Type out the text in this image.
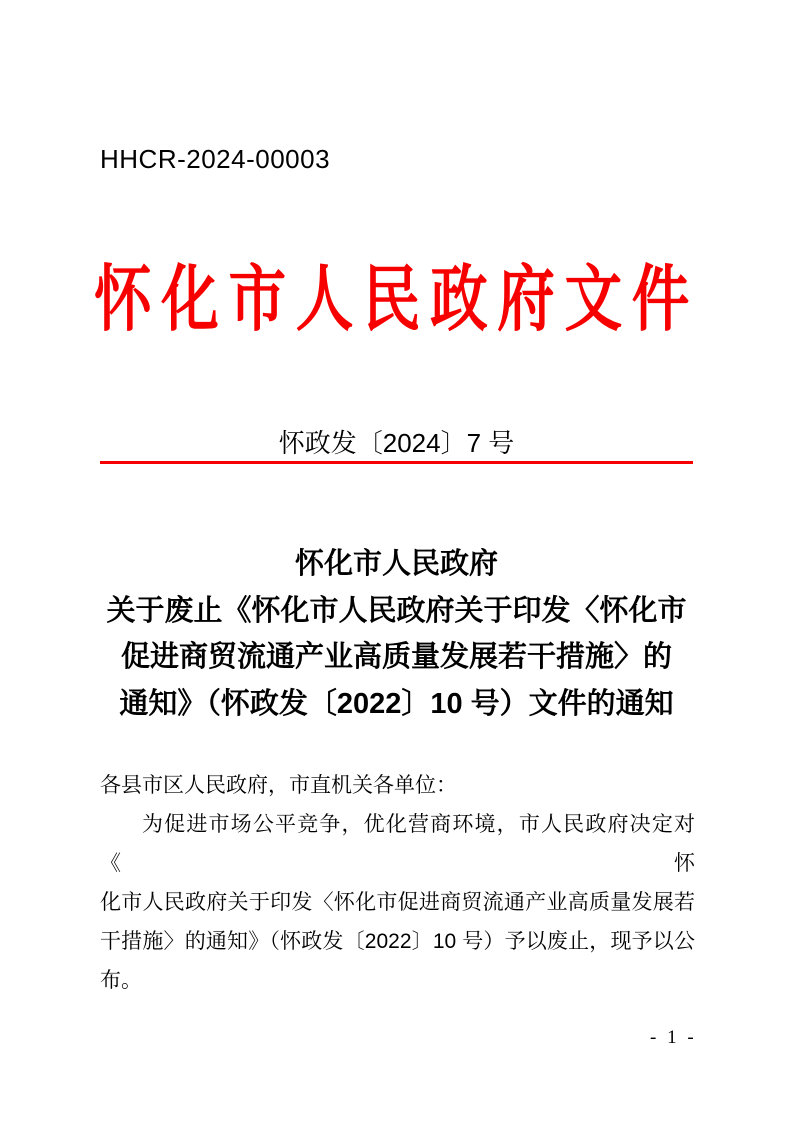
HHCR-2024-00003
怀化市人民政府文件
怀政发〔2024〕7 号
怀化市人民政府
关于废止《怀化市人民政府关于印发〈怀化市
促进商贸流通产业高质量发展若干措施〉的
通知》（怀政发〔2022〕10 号）文件的通知
各县市区人民政府，市直机关各单位：
为促进市场公平竞争，优化营商环境，市人民政府决定对《怀
化市人民政府关于印发〈怀化市促进商贸流通产业高质量发展若
干措施〉的通知》（怀政发〔2022〕10 号）予以废止，现予以公
布。
- 1 -
